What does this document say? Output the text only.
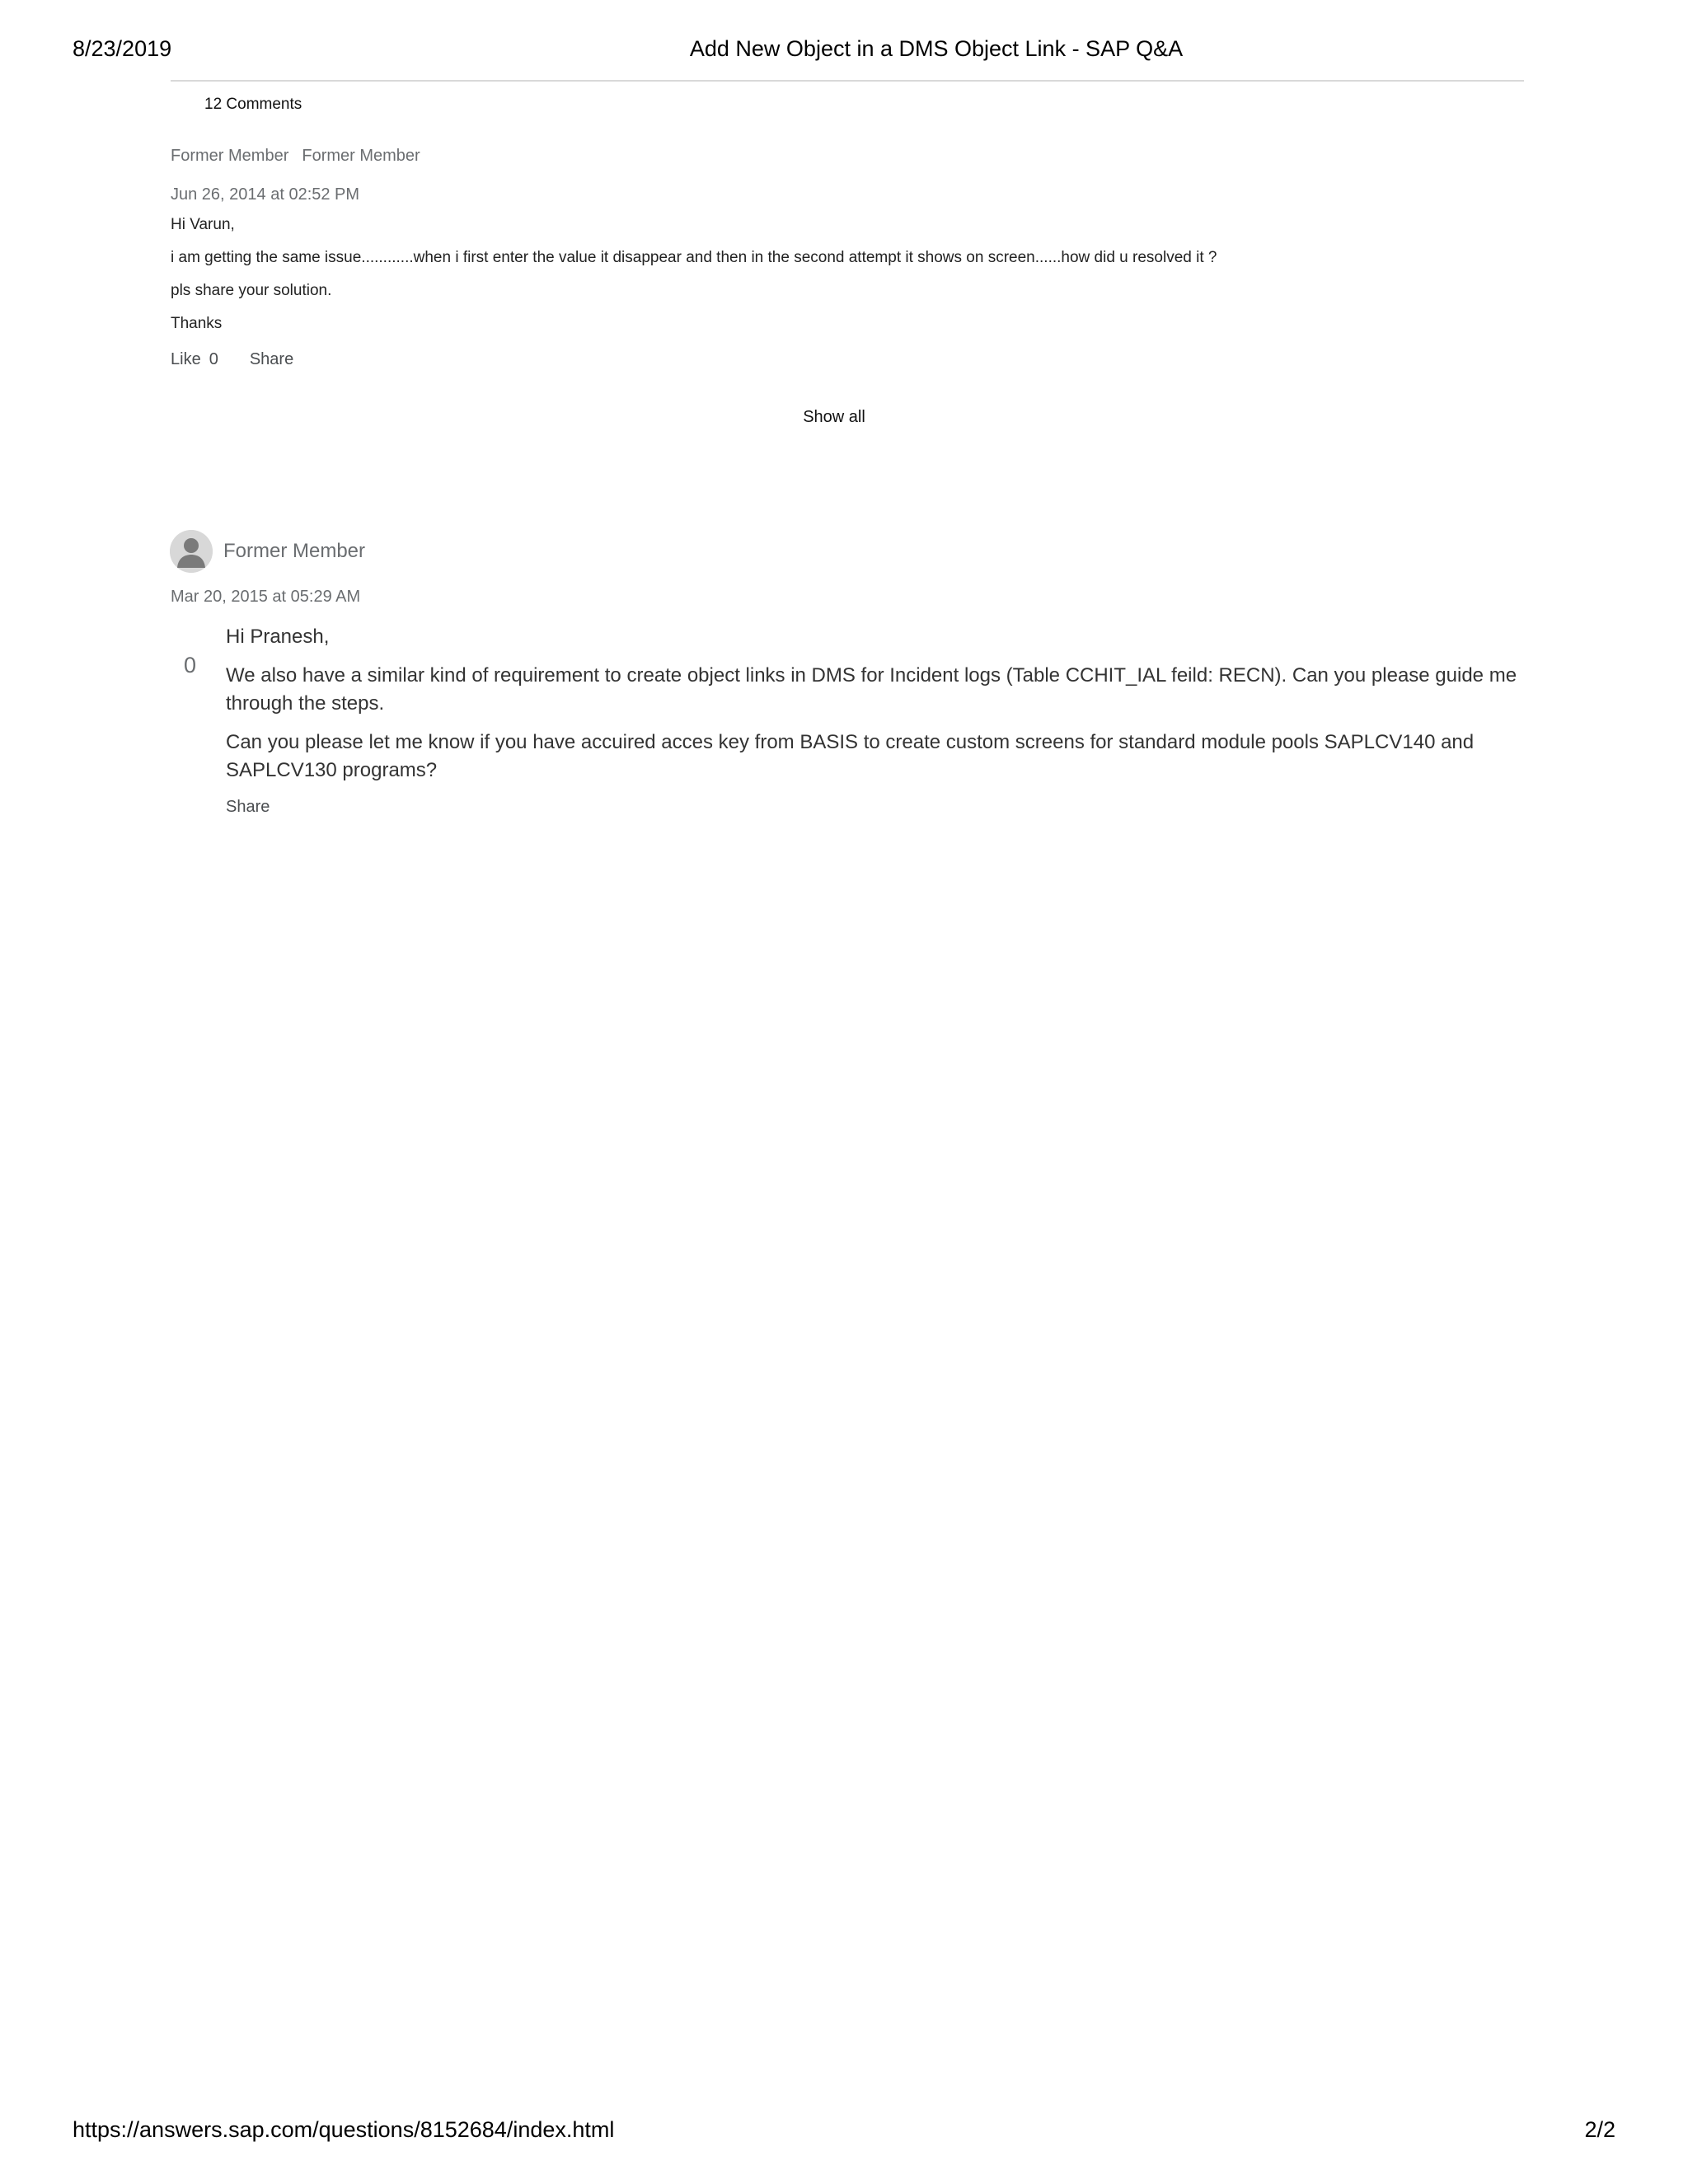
8/23/2019	Add New Object in a DMS Object Link - SAP Q&A
12 Comments
Former Member Former Member
Jun 26, 2014 at 02:52 PM
Hi Varun,
i am getting the same issue............when i first enter the value it disappear and then in the second attempt it shows on screen......how did u resolved it ?
pls share your solution.
Thanks
Like 0 Share
Show all
Former Member
Mar 20, 2015 at 05:29 AM
0

Hi Pranesh,

We also have a similar kind of requirement to create object links in DMS for Incident logs (Table CCHIT_IAL feild: RECN). Can you please guide me through the steps.

Can you please let me know if you have accuired acces key from BASIS to create custom screens for standard module pools SAPLCV140 and SAPLCV130 programs?

Share
https://answers.sap.com/questions/8152684/index.html	2/2
